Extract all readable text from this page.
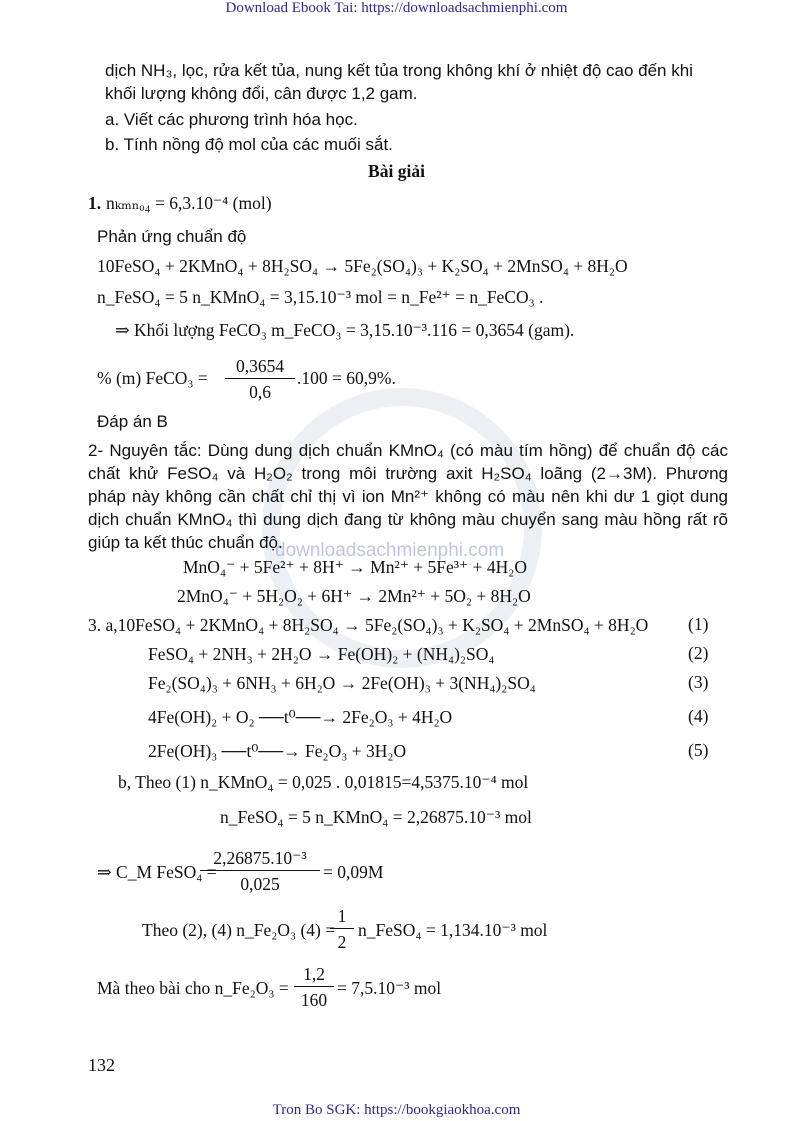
Download Ebook Tai: https://downloadsachmienphi.com
downloadsachmienphi.com
dịch NH₃, lọc, rửa kết tủa, nung kết tủa trong không khí ở nhiệt độ cao đến khi
khối lượng không đổi, cân được 1,2 gam.
a. Viết các phương trình hóa học.
b. Tính nồng độ mol của các muối sắt.
Bài giải
1. nₖₘₙₒ₄ = 6,3.10⁻⁴ (mol)
Phản ứng chuẩn độ
10FeSO₄ + 2KMnO₄ + 8H₂SO₄ → 5Fe₂(SO₄)₃ + K₂SO₄ + 2MnSO₄ + 8H₂O
n_FeSO₄ = 5 n_KMnO₄ = 3,15.10⁻³ mol = n_Fe²⁺ = n_FeCO₃ .
⇒ Khối lượng FeCO₃ m_FeCO₃ = 3,15.10⁻³.116 = 0,3654 (gam).
% (m) FeCO₃ = $\frac{0,3654}{0,6} .100 = 60,9\%$.
Đáp án B
2- Nguyên tắc: Dùng dung dịch chuẩn KMnO₄ (có màu tím hồng) để chuẩn độ các
chất khử FeSO₄ và H₂O₂ trong môi trường axit H₂SO₄ loãng (2→3M). Phương
pháp này không cần chất chỉ thị vì ion Mn²⁺ không có màu nên khi dư 1 giọt dung
dịch chuẩn KMnO₄ thì dung dịch đang từ không màu chuyển sang màu hồng rất rõ
giúp ta kết thúc chuẩn độ.
MnO₄⁻ + 5Fe²⁺ + 8H⁺ → Mn²⁺ + 5Fe³⁺ + 4H₂O
2MnO₄⁻ + 5H₂O₂ + 6H⁺ → 2Mn²⁺ + 5O₂ + 8H₂O
3. a,10FeSO₄ + 2KMnO₄ + 8H₂SO₄ → 5Fe₂(SO₄)₃ + K₂SO₄ + 2MnSO₄ + 8H₂O (1)
FeSO₄ + 2NH₃ + 2H₂O → Fe(OH)₂ + (NH₄)₂SO₄	(2)
Fe₂(SO₄)₃ + 6NH₃ + 6H₂O → 2Fe(OH)₃ + 3(NH₄)₂SO₄	(3)
4Fe(OH)₂ + O₂ ──t⁰──→ 2Fe₂O₃ + 4H₂O	(4)
2Fe(OH)₃ ──t⁰──→ Fe₂O₃ + 3H₂O	(5)
b, Theo (1) n_KMnO₄ = 0,025 . 0,01815=4,5375.10⁻⁴ mol
n_FeSO₄ = 5 n_KMnO₄ = 2,26875.10⁻³ mol
⇒ C_M FeSO₄ =
$\frac{\text{2,26875.10⁻³}}{0,025} = 0,09M$
Theo (2), (4) n_Fe₂O₃ (4) =
$\frac{1}{2}$ n_FeSO₄ = 1,134.10⁻³ mol
Mà theo bài cho n_Fe₂O₃ = $\frac{1,2}{160} = 7,5.10^{-3}$ mol
132
Tron Bo SGK: https://bookgiaokhoa.com
